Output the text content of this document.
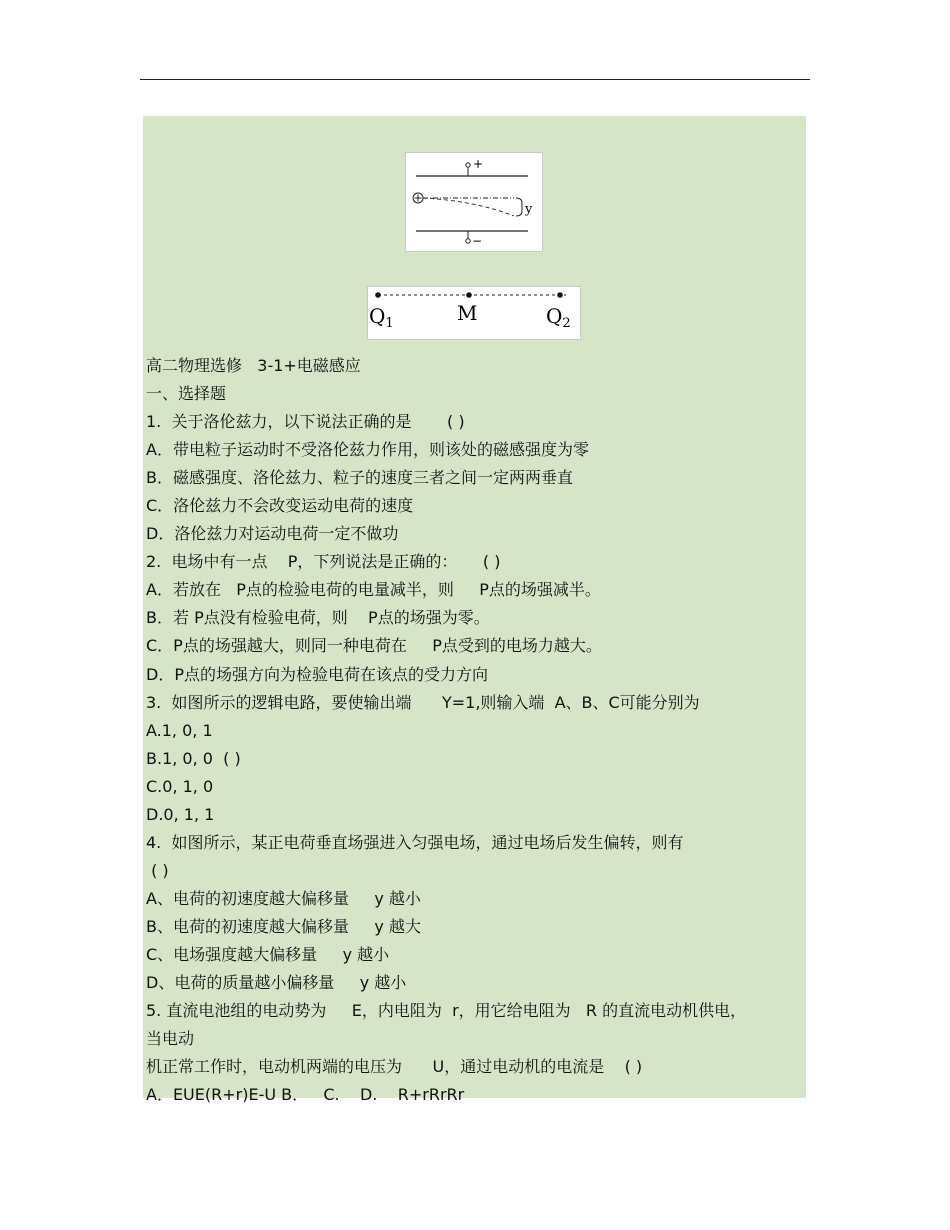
+
y
−
$Q_1$	M	$Q_2$
高二物理选修   3-1+电磁感应
一、选择题
1.  关于洛伦兹力，以下说法正确的是       ( )
A．带电粒子运动时不受洛伦兹力作用，则该处的磁感强度为零
B．磁感强度、洛伦兹力、粒子的速度三者之间一定两两垂直
C．洛伦兹力不会改变运动电荷的速度
D．洛伦兹力对运动电荷一定不做功
2.  电场中有一点    P，下列说法是正确的：     ( )
A．若放在   P点的检验电荷的电量减半，则     P点的场强减半。
B．若 P点没有检验电荷，则    P点的场强为零。
C．P点的场强越大，则同一种电荷在     P点受到的电场力越大。
D．P点的场强方向为检验电荷在该点的受力方向
3.  如图所示的逻辑电路，要使输出端      Y=1,则输入端  A、B、C可能分别为
A.1, 0, 1
B.1, 0, 0  ( )
C.0, 1, 0
D.0, 1, 1
4.  如图所示，某正电荷垂直场强进入匀强电场，通过电场后发生偏转，则有
( )
A、电荷的初速度越大偏移量     y 越小
B、电荷的初速度越大偏移量     y 越大
C、电场强度越大偏移量     y 越小
D、电荷的质量越小偏移量     y 越小
5. 直流电池组的电动势为     E，内电阻为  r，用它给电阻为   R 的直流电动机供电，
当电动
机正常工作时，电动机两端的电压为      U，通过电动机的电流是    ( )
A．EUE(R+r)E-U B．   C.    D.    R+rRrRr
